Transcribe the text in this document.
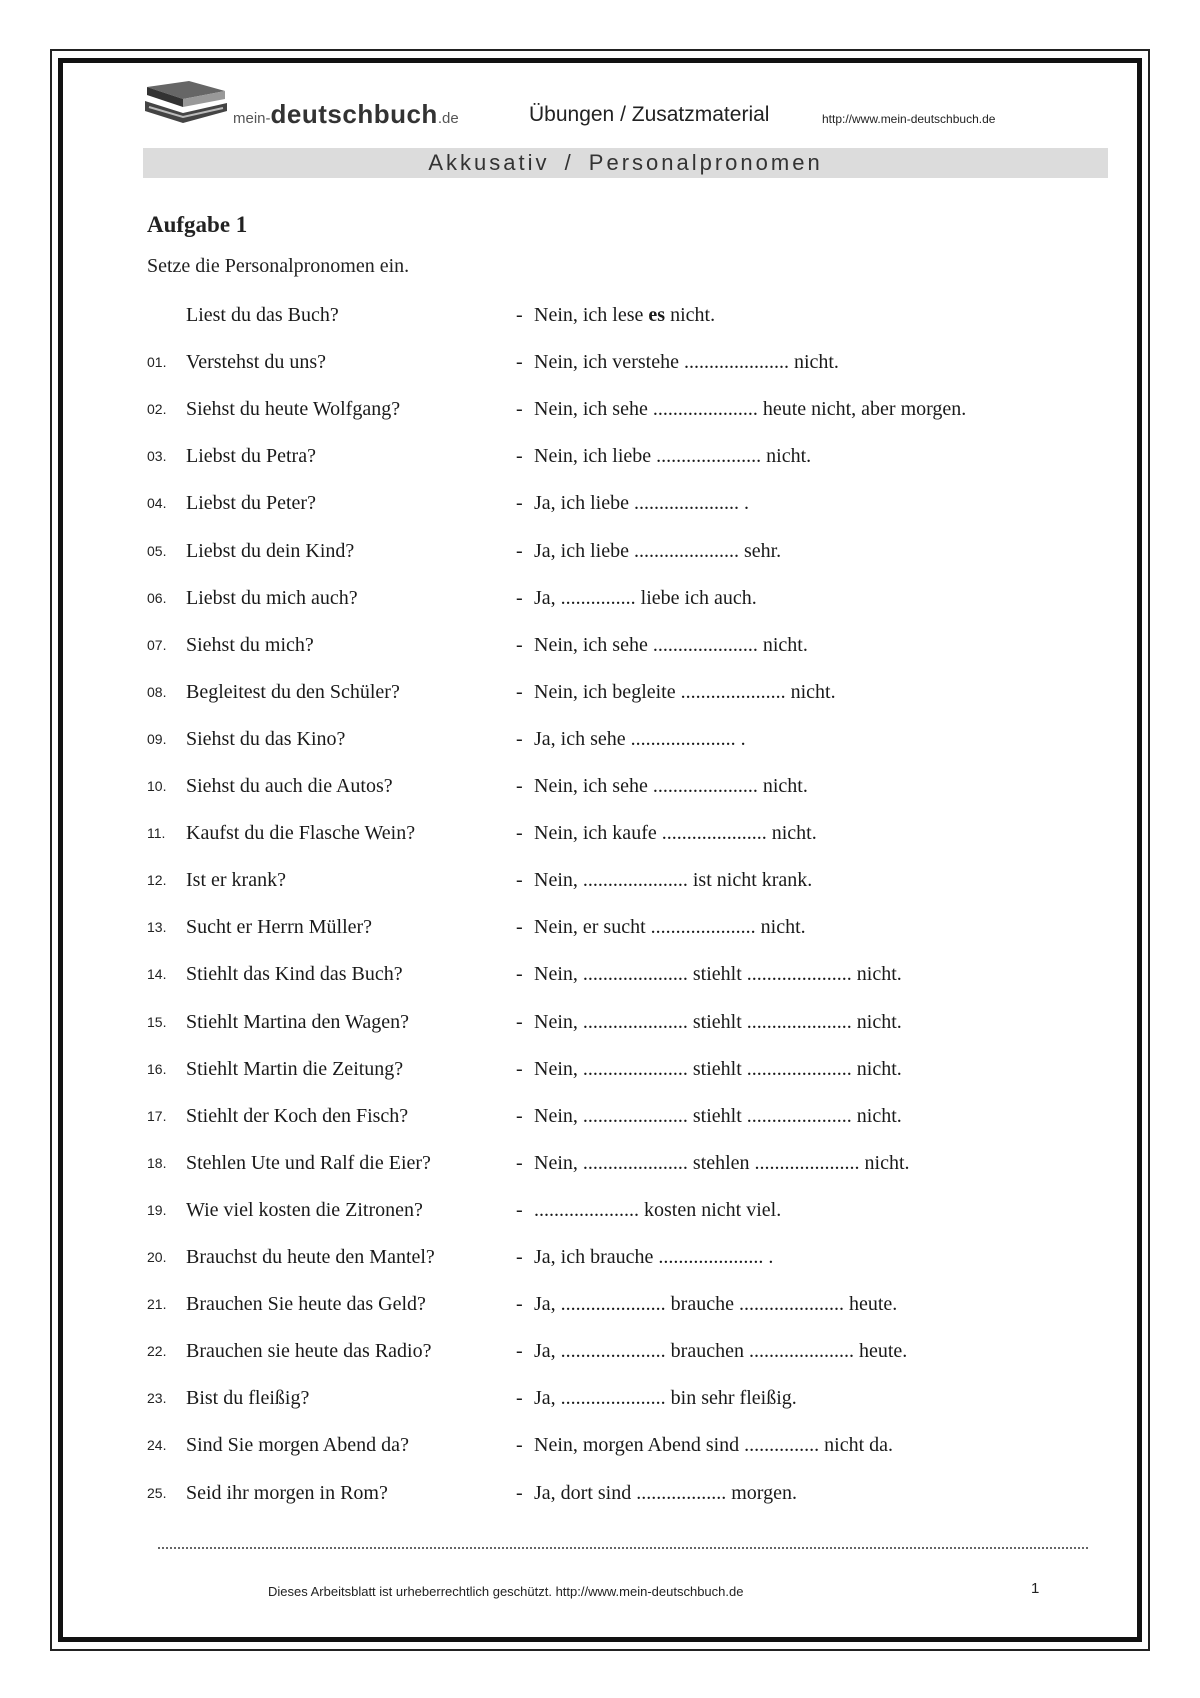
mein-deutschbuch.de	Übungen / Zusatzmaterial	http://www.mein-deutschbuch.de
Akkusativ / Personalpronomen
Aufgabe 1
Setze die Personalpronomen ein.
Liest du das Buch?	- Nein, ich lese es nicht.
01. Verstehst du uns?	- Nein, ich verstehe ..................... nicht.
02. Siehst du heute Wolfgang?	- Nein, ich sehe ..................... heute nicht, aber morgen.
03. Liebst du Petra?	- Nein, ich liebe ..................... nicht.
04. Liebst du Peter?	- Ja, ich liebe ..................... .
05. Liebst du dein Kind?	- Ja, ich liebe ..................... sehr.
06. Liebst du mich auch?	- Ja, ............... liebe ich auch.
07. Siehst du mich?	- Nein, ich sehe ..................... nicht.
08. Begleitest du den Schüler?	- Nein, ich begleite ..................... nicht.
09. Siehst du das Kino?	- Ja, ich sehe ..................... .
10. Siehst du auch die Autos?	- Nein, ich sehe ..................... nicht.
11. Kaufst du die Flasche Wein?	- Nein, ich kaufe ..................... nicht.
12. Ist er krank?	- Nein, ..................... ist nicht krank.
13. Sucht er Herrn Müller?	- Nein, er sucht ..................... nicht.
14. Stiehlt das Kind das Buch?	- Nein, ..................... stiehlt ..................... nicht.
15. Stiehlt Martina den Wagen?	- Nein, ..................... stiehlt ..................... nicht.
16. Stiehlt Martin die Zeitung?	- Nein, ..................... stiehlt ..................... nicht.
17. Stiehlt der Koch den Fisch?	- Nein, ..................... stiehlt ..................... nicht.
18. Stehlen Ute und Ralf die Eier?	- Nein, ..................... stehlen ..................... nicht.
19. Wie viel kosten die Zitronen?	- ..................... kosten nicht viel.
20. Brauchst du heute den Mantel?	- Ja, ich brauche ..................... .
21. Brauchen Sie heute das Geld?	- Ja, ..................... brauche ..................... heute.
22. Brauchen sie heute das Radio?	- Ja, ..................... brauchen ..................... heute.
23. Bist du fleißig?	- Ja, ..................... bin sehr fleißig.
24. Sind Sie morgen Abend da?	- Nein, morgen Abend sind ............... nicht da.
25. Seid ihr morgen in Rom?	- Ja, dort sind .................. morgen.
Dieses Arbeitsblatt ist urheberrechtlich geschützt. http://www.mein-deutschbuch.de	1
